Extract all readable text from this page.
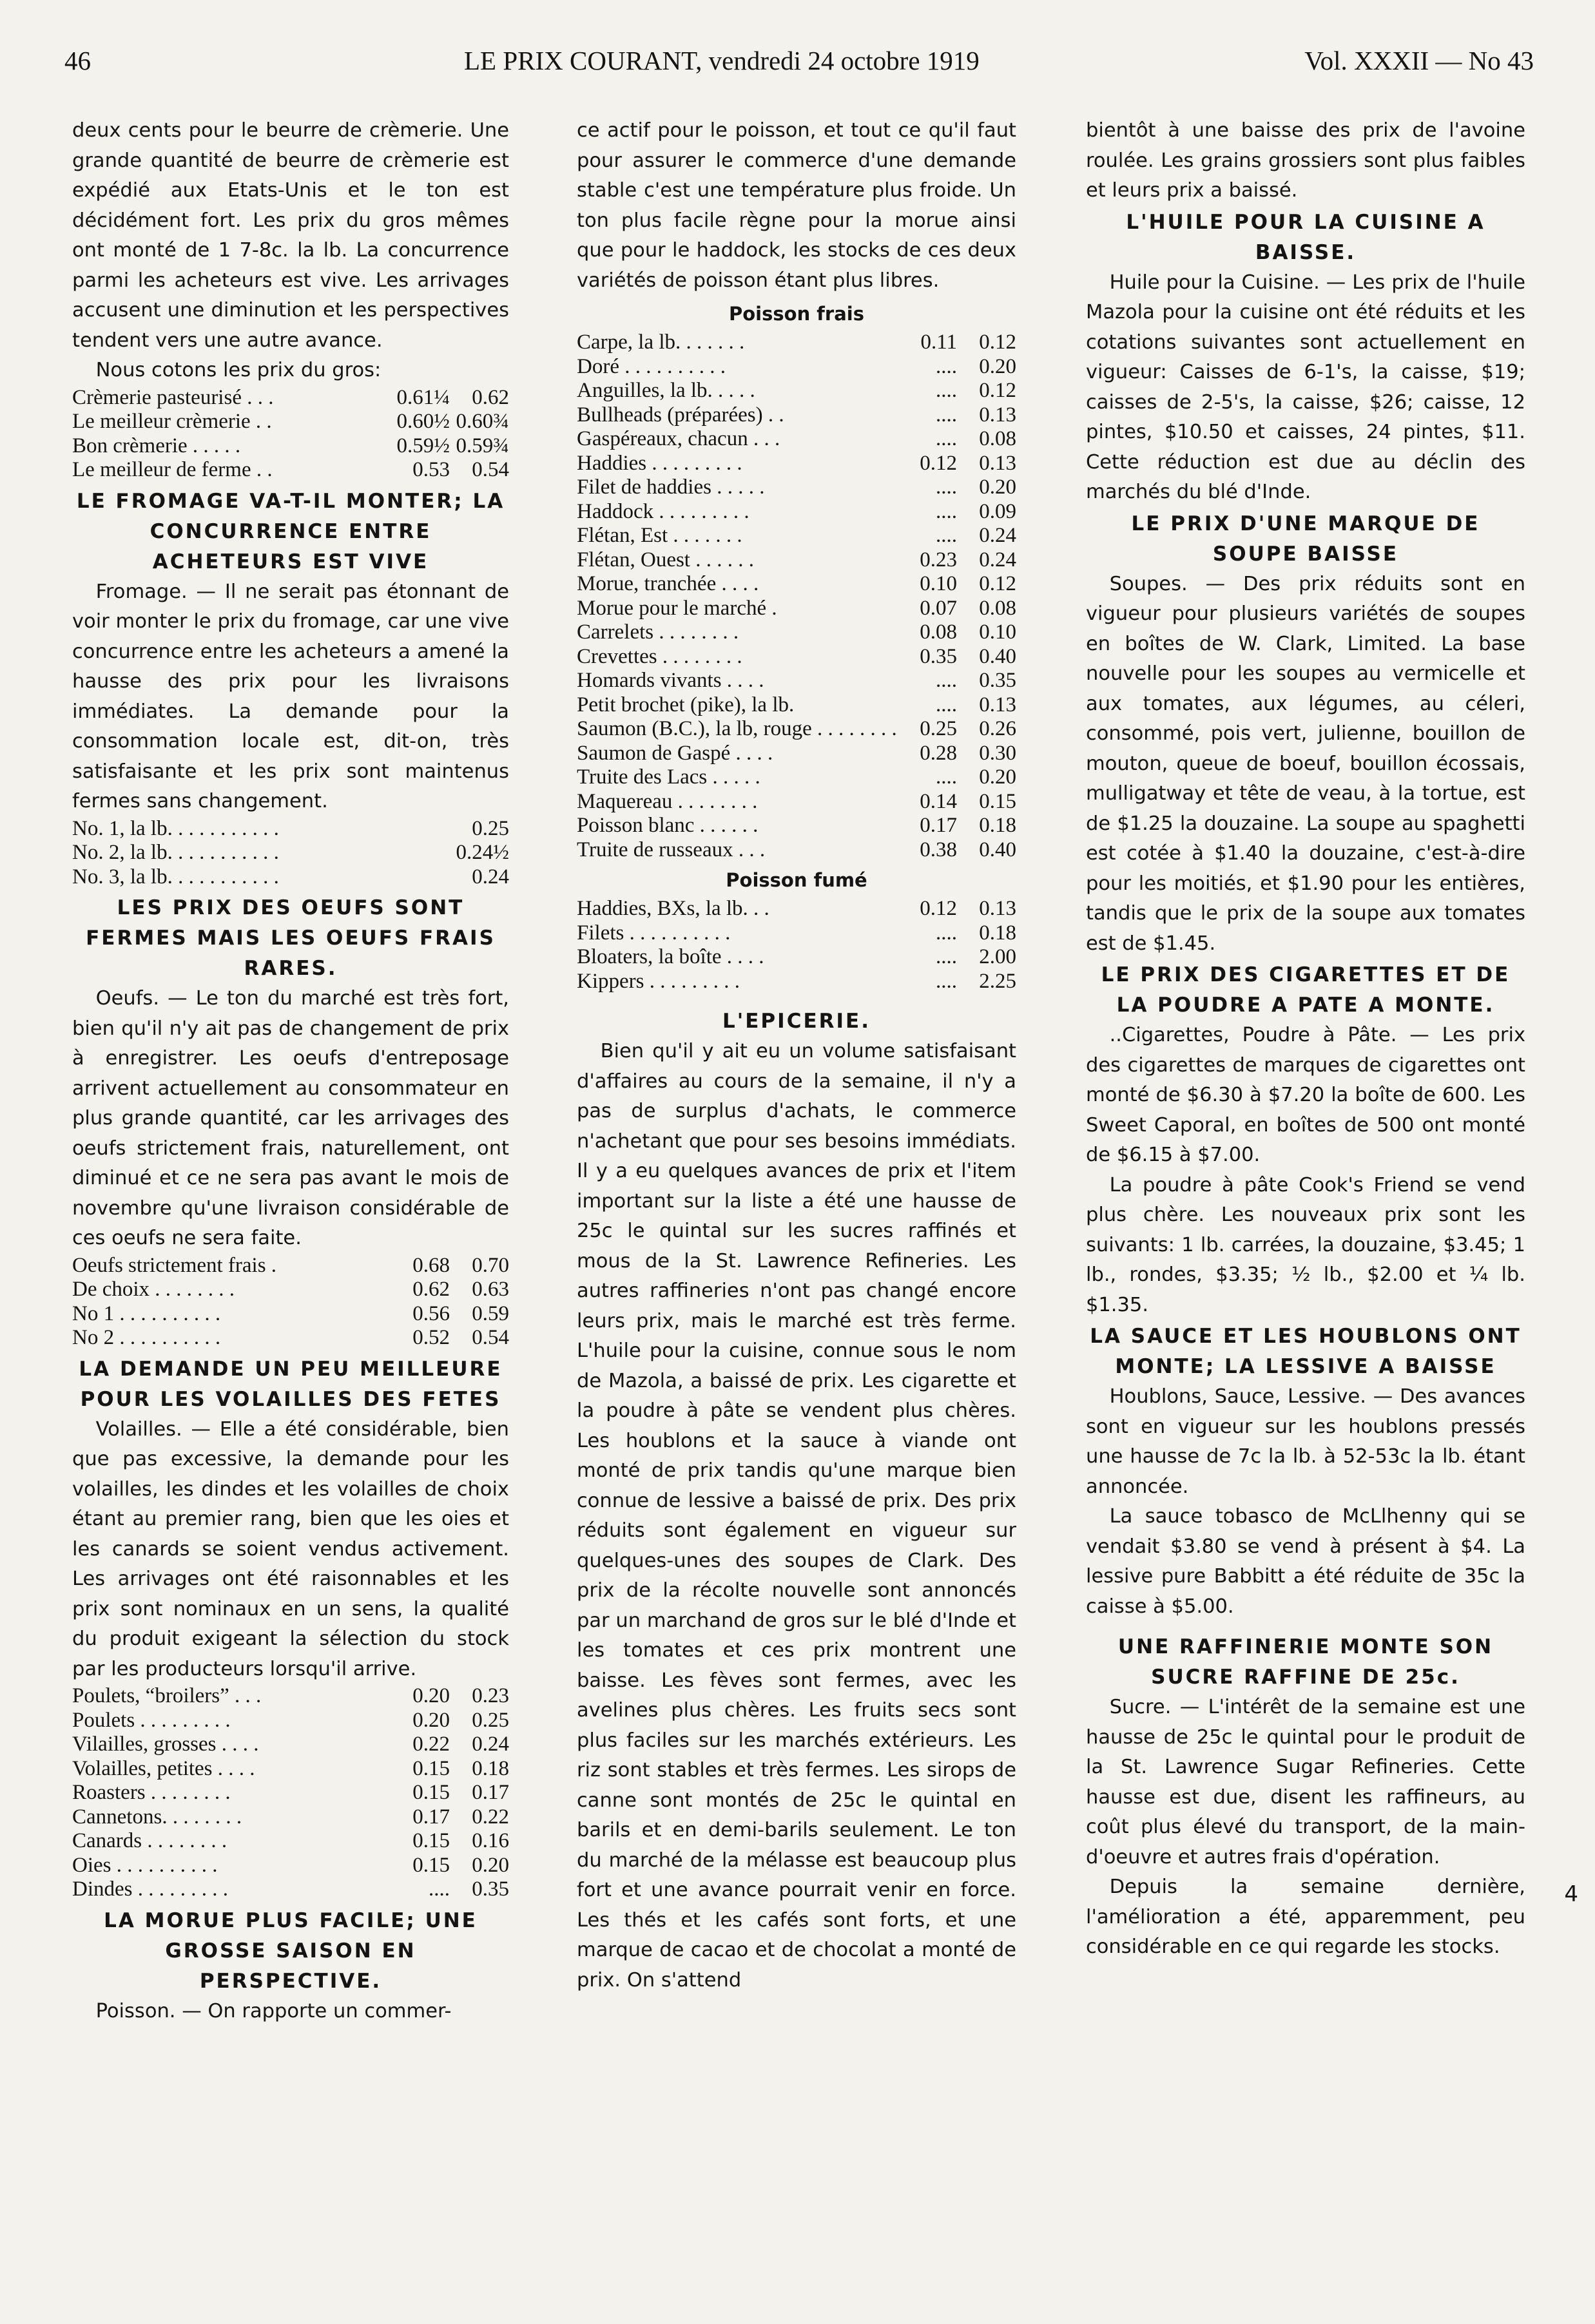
46	LE PRIX COURANT, vendredi 24 octobre 1919	Vol. XXXII — No 43

deux cents pour le beurre de crèmerie. Une grande quantité de beurre de crèmerie est expédié aux Etats-Unis et le ton est décidément fort. Les prix du gros mêmes ont monté de 1 7-8c. la lb. La concurrence parmi les acheteurs est vive. Les arrivages accusent une diminution et les perspectives tendent vers une autre avance.

Nous cotons les prix du gros:

Crèmerie pasteurisé . . .	0.61¼	0.62
Le meilleur crèmerie . .	0.60½	0.60¾
Bon crèmerie . . . . .	0.59½	0.59¾
Le meilleur de ferme . .	0.53	0.54
LE FROMAGE VA-T-IL MONTER; LA CONCURRENCE ENTRE ACHETEURS EST VIVE

Fromage. — Il ne serait pas étonnant de voir monter le prix du fromage, car une vive concurrence entre les acheteurs a amené la hausse des prix pour les livraisons immédiates. La demande pour la consommation locale est, dit-on, très satisfaisante et les prix sont maintenus fermes sans changement.

No. 1, la lb. . . . . . . . . . .		0.25
No. 2, la lb. . . . . . . . . . .		0.24½
No. 3, la lb. . . . . . . . . . .		0.24
LES PRIX DES OEUFS SONT FERMES MAIS LES OEUFS FRAIS RARES.

Oeufs. — Le ton du marché est très fort, bien qu'il n'y ait pas de changement de prix à enregistrer. Les oeufs d'entreposage arrivent actuellement au consommateur en plus grande quantité, car les arrivages des oeufs strictement frais, naturellement, ont diminué et ce ne sera pas avant le mois de novembre qu'une livraison considérable de ces oeufs ne sera faite.

Oeufs strictement frais .	0.68	0.70
De choix . . . . . . . .	0.62	0.63
No 1 . . . . . . . . . .	0.56	0.59
No 2 . . . . . . . . . .	0.52	0.54
LA DEMANDE UN PEU MEILLEURE POUR LES VOLAILLES DES FETES

Volailles. — Elle a été considérable, bien que pas excessive, la demande pour les volailles, les dindes et les volailles de choix étant au premier rang, bien que les oies et les canards se soient vendus activement. Les arrivages ont été raisonnables et les prix sont nominaux en un sens, la qualité du produit exigeant la sélection du stock par les producteurs lorsqu'il arrive.

Poulets, “broilers” . . .	0.20	0.23
Poulets . . . . . . . . .	0.20	0.25
Vilailles, grosses . . . .	0.22	0.24
Volailles, petites . . . .	0.15	0.18
Roasters . . . . . . . .	0.15	0.17
Cannetons. . . . . . . .	0.17	0.22
Canards . . . . . . . .	0.15	0.16
Oies . . . . . . . . . .	0.15	0.20
Dindes . . . . . . . . .	....	0.35
LA MORUE PLUS FACILE; UNE GROSSE SAISON EN PERSPECTIVE.

Poisson. — On rapporte un commer-

ce actif pour le poisson, et tout ce qu'il faut pour assurer le commerce d'une demande stable c'est une température plus froide. Un ton plus facile règne pour la morue ainsi que pour le haddock, les stocks de ces deux variétés de poisson étant plus libres.

Poisson frais
Carpe, la lb. . . . . . .	0.11	0.12
Doré . . . . . . . . . .	....	0.20
Anguilles, la lb. . . . .	....	0.12
Bullheads (préparées) . .	....	0.13
Gaspéreaux, chacun . . .	....	0.08
Haddies . . . . . . . . .	0.12	0.13
Filet de haddies . . . . .	....	0.20
Haddock . . . . . . . . .	....	0.09
Flétan, Est . . . . . . .	....	0.24
Flétan, Ouest . . . . . .	0.23	0.24
Morue, tranchée . . . .	0.10	0.12
Morue pour le marché .	0.07	0.08
Carrelets . . . . . . . .	0.08	0.10
Crevettes . . . . . . . .	0.35	0.40
Homards vivants . . . .	....	0.35
Petit brochet (pike), la lb.	....	0.13
Saumon (B.C.), la lb, rouge . . . . . . . .	0.25	0.26
Saumon de Gaspé . . . .	0.28	0.30
Truite des Lacs . . . . .	....	0.20
Maquereau . . . . . . . .	0.14	0.15
Poisson blanc . . . . . .	0.17	0.18
Truite de russeaux . . .	0.38	0.40
Poisson fumé
Haddies, BXs, la lb. . .	0.12	0.13
Filets . . . . . . . . . .	....	0.18
Bloaters, la boîte . . . .	....	2.00
Kippers . . . . . . . . .	....	2.25
L'EPICERIE.

Bien qu'il y ait eu un volume satisfaisant d'affaires au cours de la semaine, il n'y a pas de surplus d'achats, le commerce n'achetant que pour ses besoins immédiats. Il y a eu quelques avances de prix et l'item important sur la liste a été une hausse de 25c le quintal sur les sucres raffinés et mous de la St. Lawrence Refineries. Les autres raffineries n'ont pas changé encore leurs prix, mais le marché est très ferme. L'huile pour la cuisine, connue sous le nom de Mazola, a baissé de prix. Les cigarette et la poudre à pâte se vendent plus chères. Les houblons et la sauce à viande ont monté de prix tandis qu'une marque bien connue de lessive a baissé de prix. Des prix réduits sont également en vigueur sur quelques-unes des soupes de Clark. Des prix de la récolte nouvelle sont annoncés par un marchand de gros sur le blé d'Inde et les tomates et ces prix montrent une baisse. Les fèves sont fermes, avec les avelines plus chères. Les fruits secs sont plus faciles sur les marchés extérieurs. Les riz sont stables et très fermes. Les sirops de canne sont montés de 25c le quintal en barils et en demi-barils seulement. Le ton du marché de la mélasse est beaucoup plus fort et une avance pourrait venir en force. Les thés et les cafés sont forts, et une marque de cacao et de chocolat a monté de prix. On s'attend

bientôt à une baisse des prix de l'avoine roulée. Les grains grossiers sont plus faibles et leurs prix a baissé.

L'HUILE POUR LA CUISINE A BAISSE.

Huile pour la Cuisine. — Les prix de l'huile Mazola pour la cuisine ont été réduits et les cotations suivantes sont actuellement en vigueur: Caisses de 6-1's, la caisse, $19; caisses de 2-5's, la caisse, $26; caisse, 12 pintes, $10.50 et caisses, 24 pintes, $11. Cette réduction est due au déclin des marchés du blé d'Inde.

LE PRIX D'UNE MARQUE DE SOUPE BAISSE

Soupes. — Des prix réduits sont en vigueur pour plusieurs variétés de soupes en boîtes de W. Clark, Limited. La base nouvelle pour les soupes au vermicelle et aux tomates, aux légumes, au céleri, consommé, pois vert, julienne, bouillon de mouton, queue de boeuf, bouillon écossais, mulligatway et tête de veau, à la tortue, est de $1.25 la douzaine. La soupe au spaghetti est cotée à $1.40 la douzaine, c'est-à-dire pour les moitiés, et $1.90 pour les entières, tandis que le prix de la soupe aux tomates est de $1.45.

LE PRIX DES CIGARETTES ET DE LA POUDRE A PATE A MONTE.

..Cigarettes, Poudre à Pâte. — Les prix des cigarettes de marques de cigarettes ont monté de $6.30 à $7.20 la boîte de 600. Les Sweet Caporal, en boîtes de 500 ont monté de $6.15 à $7.00.

La poudre à pâte Cook's Friend se vend plus chère. Les nouveaux prix sont les suivants: 1 lb. carrées, la douzaine, $3.45; 1 lb., rondes, $3.35; ½ lb., $2.00 et ¼ lb. $1.35.

LA SAUCE ET LES HOUBLONS ONT MONTE; LA LESSIVE A BAISSE

Houblons, Sauce, Lessive. — Des avances sont en vigueur sur les houblons pressés une hausse de 7c la lb. à 52-53c la lb. étant annoncée.

La sauce tobasco de McLlhenny qui se vendait $3.80 se vend à présent à $4. La lessive pure Babbitt a été réduite de 35c la caisse à $5.00.

UNE RAFFINERIE MONTE SON SUCRE RAFFINE DE 25c.

Sucre. — L'intérêt de la semaine est une hausse de 25c le quintal pour le produit de la St. Lawrence Sugar Refineries. Cette hausse est due, disent les raffineurs, au coût plus élevé du transport, de la main-d'oeuvre et autres frais d'opération.

Depuis la semaine dernière, l'amélioration a été, apparemment, peu considérable en ce qui regarde les stocks.

4
